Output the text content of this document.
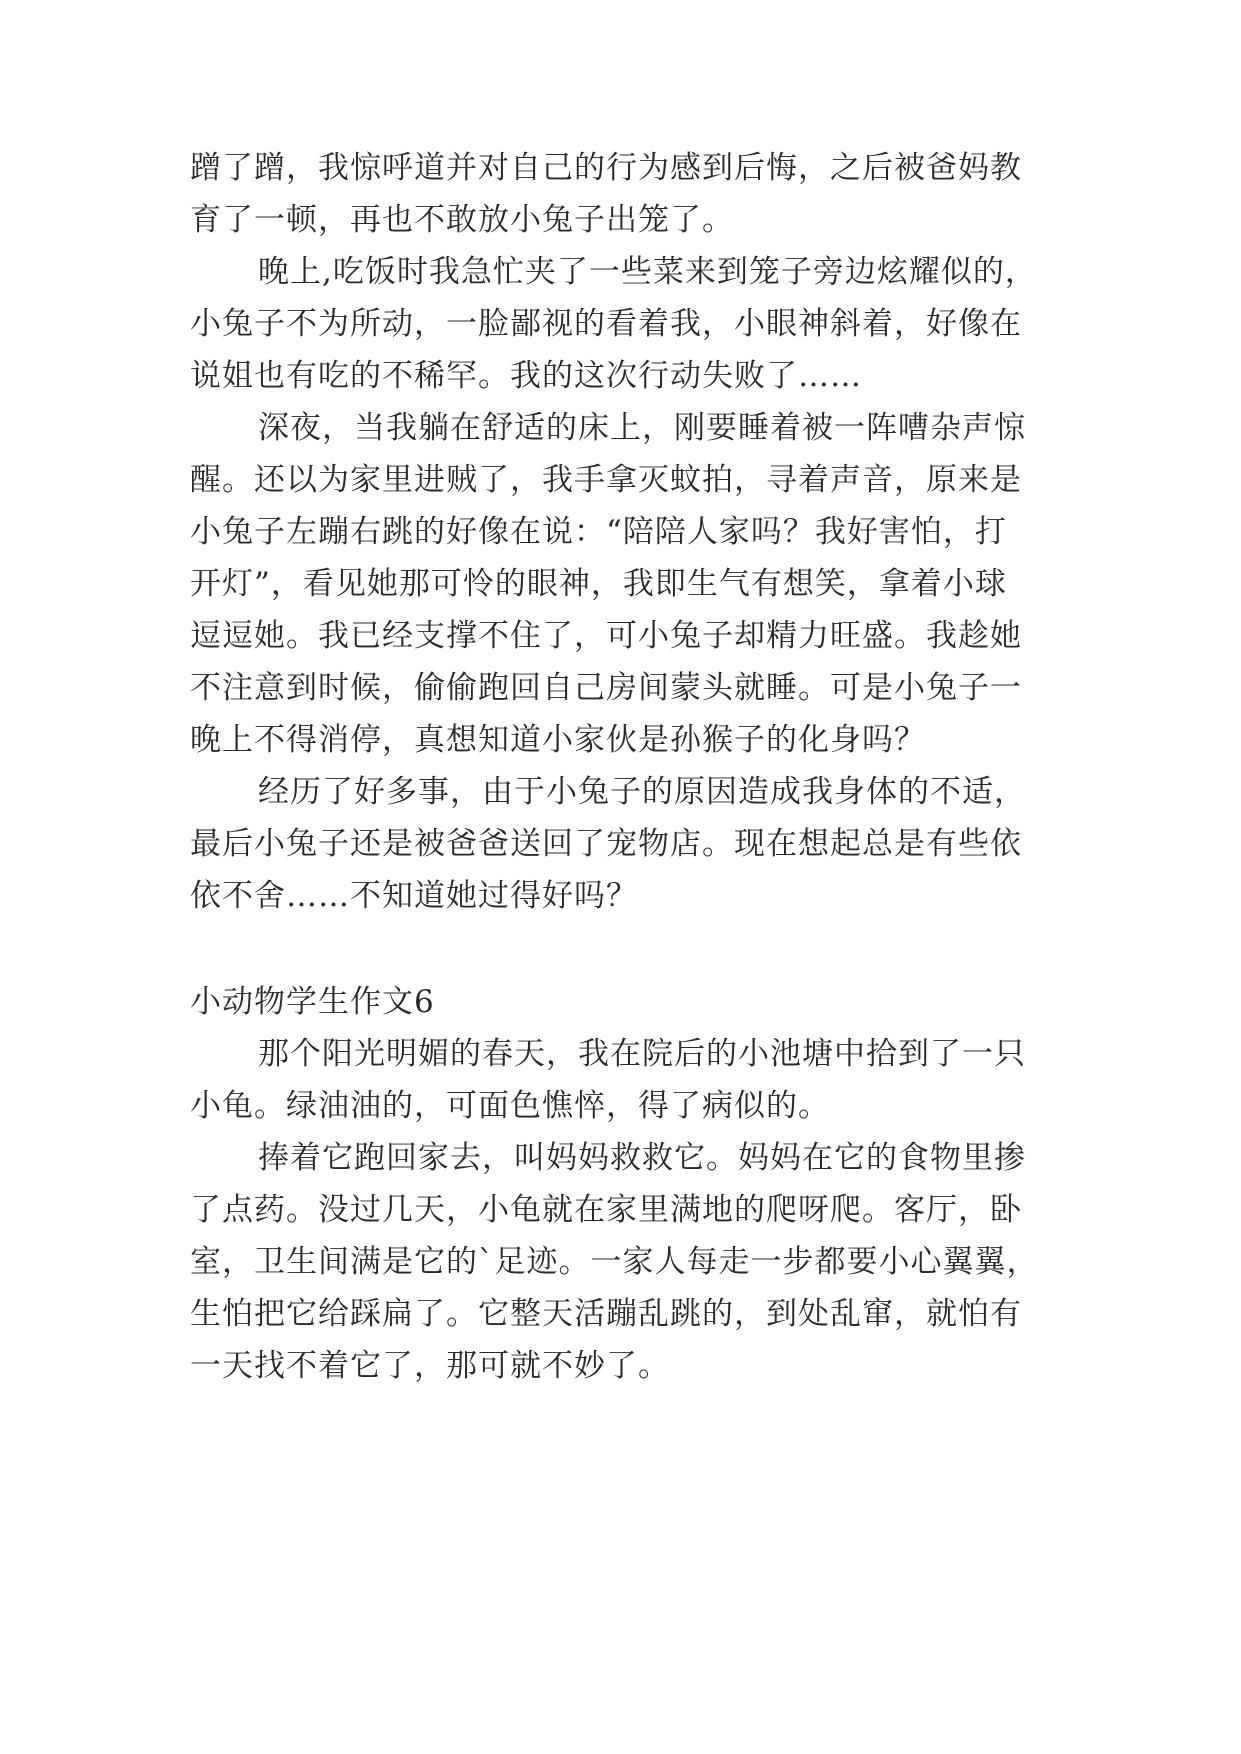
蹭了蹭，我惊呼道并对自己的行为感到后悔，之后被爸妈教
育了一顿，再也不敢放小兔子出笼了。
晚上,吃饭时我急忙夹了一些菜来到笼子旁边炫耀似的，
小兔子不为所动，一脸鄙视的看着我，小眼神斜着，好像在
说姐也有吃的不稀罕。我的这次行动失败了……
深夜，当我躺在舒适的床上，刚要睡着被一阵嘈杂声惊
醒。还以为家里进贼了，我手拿灭蚊拍，寻着声音，原来是
小兔子左蹦右跳的好像在说：“陪陪人家吗？我好害怕，打
开灯”，看见她那可怜的眼神，我即生气有想笑，拿着小球
逗逗她。我已经支撑不住了，可小兔子却精力旺盛。我趁她
不注意到时候，偷偷跑回自己房间蒙头就睡。可是小兔子一
晚上不得消停，真想知道小家伙是孙猴子的化身吗？
经历了好多事，由于小兔子的原因造成我身体的不适，
最后小兔子还是被爸爸送回了宠物店。现在想起总是有些依
依不舍……不知道她过得好吗？
小动物学生作文6
那个阳光明媚的春天，我在院后的小池塘中拾到了一只
小龟。绿油油的，可面色憔悴，得了病似的。
捧着它跑回家去，叫妈妈救救它。妈妈在它的食物里掺
了点药。没过几天，小龟就在家里满地的爬呀爬。客厅，卧
室，卫生间满是它的`足迹。一家人每走一步都要小心翼翼，
生怕把它给踩扁了。它整天活蹦乱跳的，到处乱窜，就怕有
一天找不着它了，那可就不妙了。
